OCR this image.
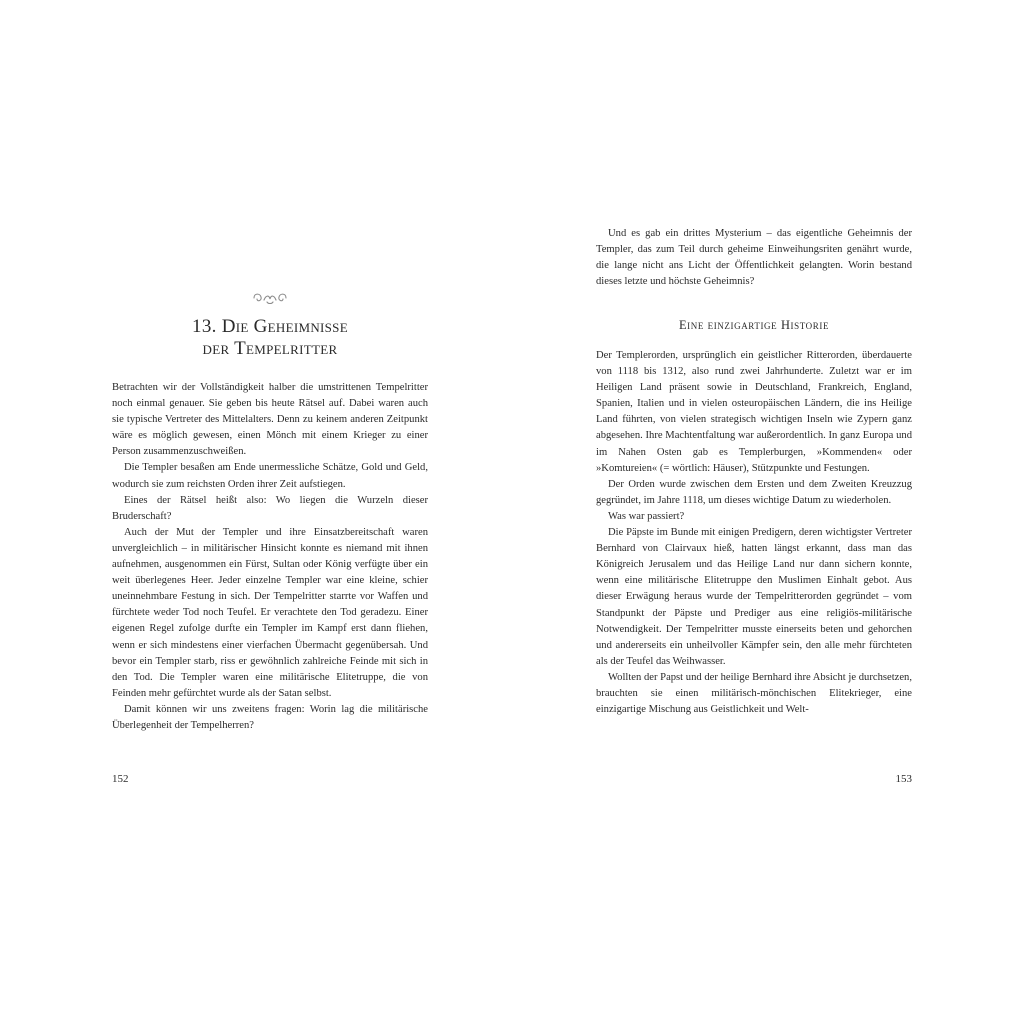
13. Die Geheimnisse
der Tempelritter

Betrachten wir der Vollständigkeit halber die umstrittenen Tempelritter noch einmal genauer. Sie geben bis heute Rätsel auf. Dabei waren auch sie typische Vertreter des Mittelalters. Denn zu keinem anderen Zeitpunkt wäre es möglich gewesen, einen Mönch mit einem Krieger zu einer Person zusammenzuschweißen.

Die Templer besaßen am Ende unermessliche Schätze, Gold und Geld, wodurch sie zum reichsten Orden ihrer Zeit aufstiegen.

Eines der Rätsel heißt also: Wo liegen die Wurzeln dieser Bruderschaft?

Auch der Mut der Templer und ihre Einsatzbereitschaft waren unvergleichlich – in militärischer Hinsicht konnte es niemand mit ihnen aufnehmen, ausgenommen ein Fürst, Sultan oder König verfügte über ein weit überlegenes Heer. Jeder einzelne Templer war eine kleine, schier uneinnehmbare Festung in sich. Der Tempelritter starrte vor Waffen und fürchtete weder Tod noch Teufel. Er verachtete den Tod geradezu. Einer eigenen Regel zufolge durfte ein Templer im Kampf erst dann fliehen, wenn er sich mindestens einer vierfachen Übermacht gegenübersah. Und bevor ein Templer starb, riss er gewöhnlich zahlreiche Feinde mit sich in den Tod. Die Templer waren eine militärische Elitetruppe, die von Feinden mehr gefürchtet wurde als der Satan selbst.

Damit können wir uns zweitens fragen: Worin lag die militärische Überlegenheit der Tempelherren?

152

Und es gab ein drittes Mysterium – das eigentliche Geheimnis der Templer, das zum Teil durch geheime Einweihungsriten genährt wurde, die lange nicht ans Licht der Öffentlichkeit gelangten. Worin bestand dieses letzte und höchste Geheimnis?

Eine einzigartige Historie

Der Templerorden, ursprünglich ein geistlicher Ritterorden, überdauerte von 1118 bis 1312, also rund zwei Jahrhunderte. Zuletzt war er im Heiligen Land präsent sowie in Deutschland, Frankreich, England, Spanien, Italien und in vielen osteuropäischen Ländern, die ins Heilige Land führten, von vielen strategisch wichtigen Inseln wie Zypern ganz abgesehen. Ihre Machtentfaltung war außerordentlich. In ganz Europa und im Nahen Osten gab es Templerburgen, »Kommenden« oder »Komtureien« (= wörtlich: Häuser), Stützpunkte und Festungen.

Der Orden wurde zwischen dem Ersten und dem Zweiten Kreuzzug gegründet, im Jahre 1118, um dieses wichtige Datum zu wiederholen.

Was war passiert?

Die Päpste im Bunde mit einigen Predigern, deren wichtigster Vertreter Bernhard von Clairvaux hieß, hatten längst erkannt, dass man das Königreich Jerusalem und das Heilige Land nur dann sichern konnte, wenn eine militärische Elitetruppe den Muslimen Einhalt gebot. Aus dieser Erwägung heraus wurde der Tempelritterorden gegründet – vom Standpunkt der Päpste und Prediger aus eine religiös-militärische Notwendigkeit. Der Tempelritter musste einerseits beten und gehorchen und andererseits ein unheilvoller Kämpfer sein, den alle mehr fürchteten als der Teufel das Weihwasser.

Wollten der Papst und der heilige Bernhard ihre Absicht je durchsetzen, brauchten sie einen militärisch-mönchischen Elitekrieger, eine einzigartige Mischung aus Geistlichkeit und Welt-

153
